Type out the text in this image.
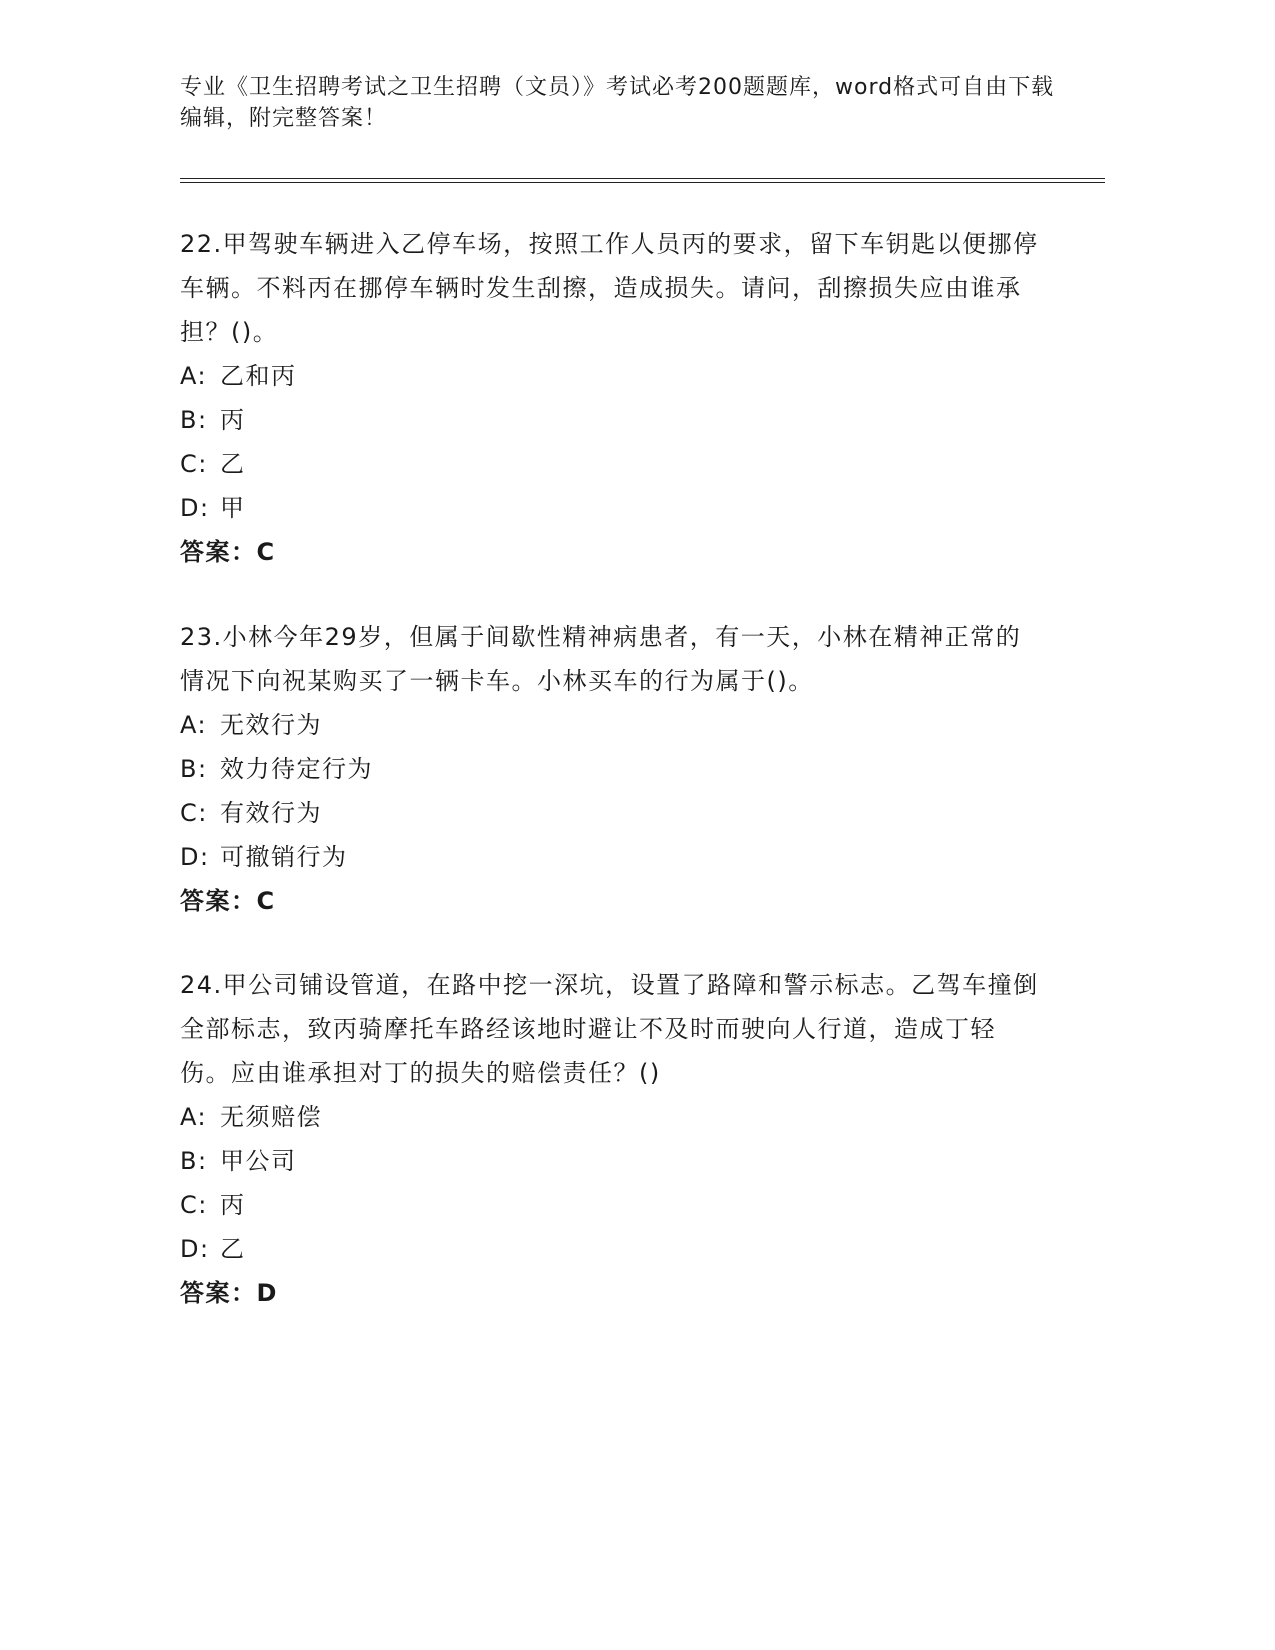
专业《卫生招聘考试之卫生招聘（文员）》考试必考200题题库，word格式可自由下载编辑，附完整答案！

22.甲驾驶车辆进入乙停车场，按照工作人员丙的要求，留下车钥匙以便挪停车辆。不料丙在挪停车辆时发生刮擦，造成损失。请问，刮擦损失应由谁承担？()。

A: 乙和丙

B: 丙

C: 乙

D: 甲

答案：C

23.小林今年29岁，但属于间歇性精神病患者，有一天，小林在精神正常的情况下向祝某购买了一辆卡车。小林买车的行为属于()。

A: 无效行为

B: 效力待定行为

C: 有效行为

D: 可撤销行为

答案：C

24.甲公司铺设管道，在路中挖一深坑，设置了路障和警示标志。乙驾车撞倒全部标志，致丙骑摩托车路经该地时避让不及时而驶向人行道，造成丁轻伤。应由谁承担对丁的损失的赔偿责任？()

A: 无须赔偿

B: 甲公司

C: 丙

D: 乙

答案：D
